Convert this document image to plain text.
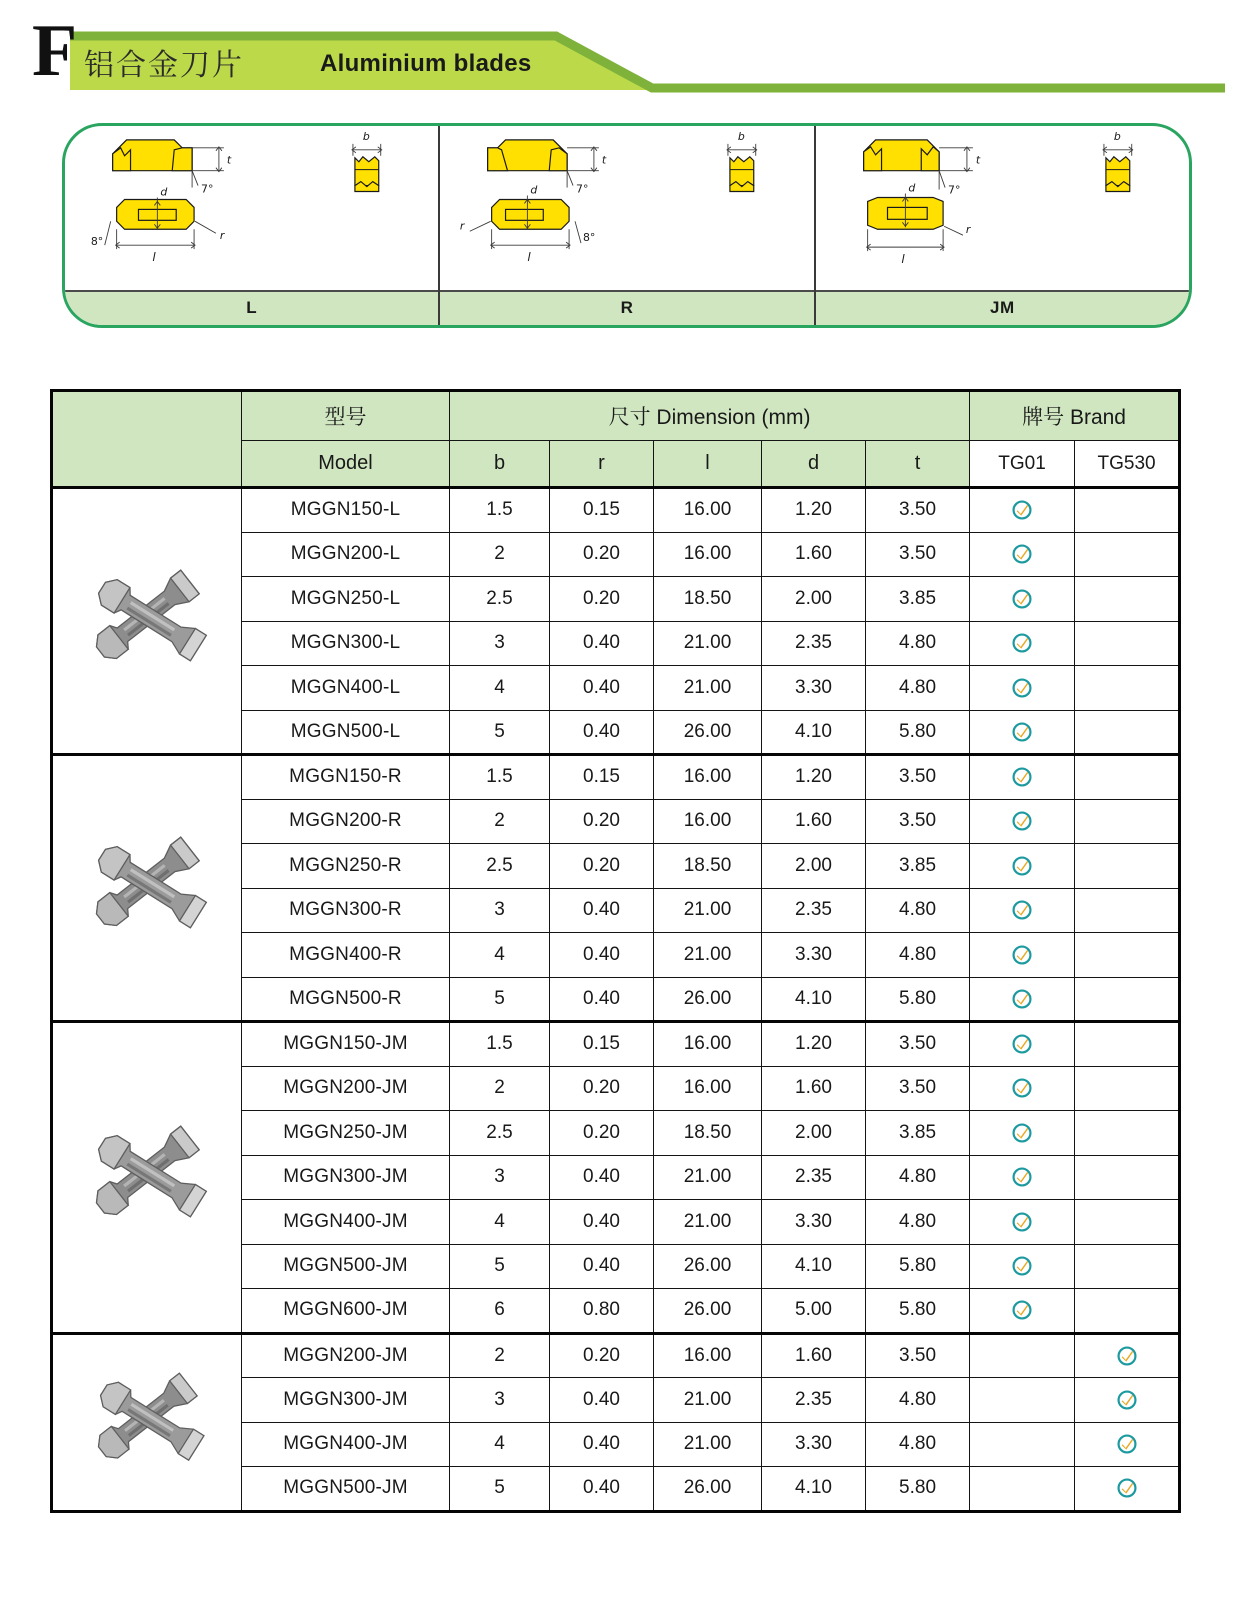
F 铝合金刀片	Aluminium blades
t
7°
8°
l
d
r
b
L
t
7°
8°
l
d
r
b
R
t
7°
l
d
r
b
JM
	型号	尺寸 Dimension (mm)					牌号 Brand	
	Model	b	r	l	d	t	TG01	TG530

	MGGN150-L	1.5	0.15	16.00	1.20	3.50	

	MGGN200-L	2	0.20	16.00	1.60	3.50	

	MGGN250-L	2.5	0.20	18.50	2.00	3.85	

	MGGN300-L	3	0.40	21.00	2.35	4.80	

	MGGN400-L	4	0.40	21.00	3.30	4.80	

	MGGN500-L	5	0.40	26.00	4.10	5.80	

	MGGN150-R	1.5	0.15	16.00	1.20	3.50	

	MGGN200-R	2	0.20	16.00	1.60	3.50	

	MGGN250-R	2.5	0.20	18.50	2.00	3.85	

	MGGN300-R	3	0.40	21.00	2.35	4.80	

	MGGN400-R	4	0.40	21.00	3.30	4.80	

	MGGN500-R	5	0.40	26.00	4.10	5.80	

	MGGN150-JM	1.5	0.15	16.00	1.20	3.50	

	MGGN200-JM	2	0.20	16.00	1.60	3.50	

	MGGN250-JM	2.5	0.20	18.50	2.00	3.85	

	MGGN300-JM	3	0.40	21.00	2.35	4.80	

	MGGN400-JM	4	0.40	21.00	3.30	4.80	

	MGGN500-JM	5	0.40	26.00	4.10	5.80	

	MGGN600-JM	6	0.80	26.00	5.00	5.80	

	MGGN200-JM	2	0.20	16.00	1.60	3.50		

	MGGN300-JM	3	0.40	21.00	2.35	4.80		

	MGGN400-JM	4	0.40	21.00	3.30	4.80		

	MGGN500-JM	5	0.40	26.00	4.10	5.80		
